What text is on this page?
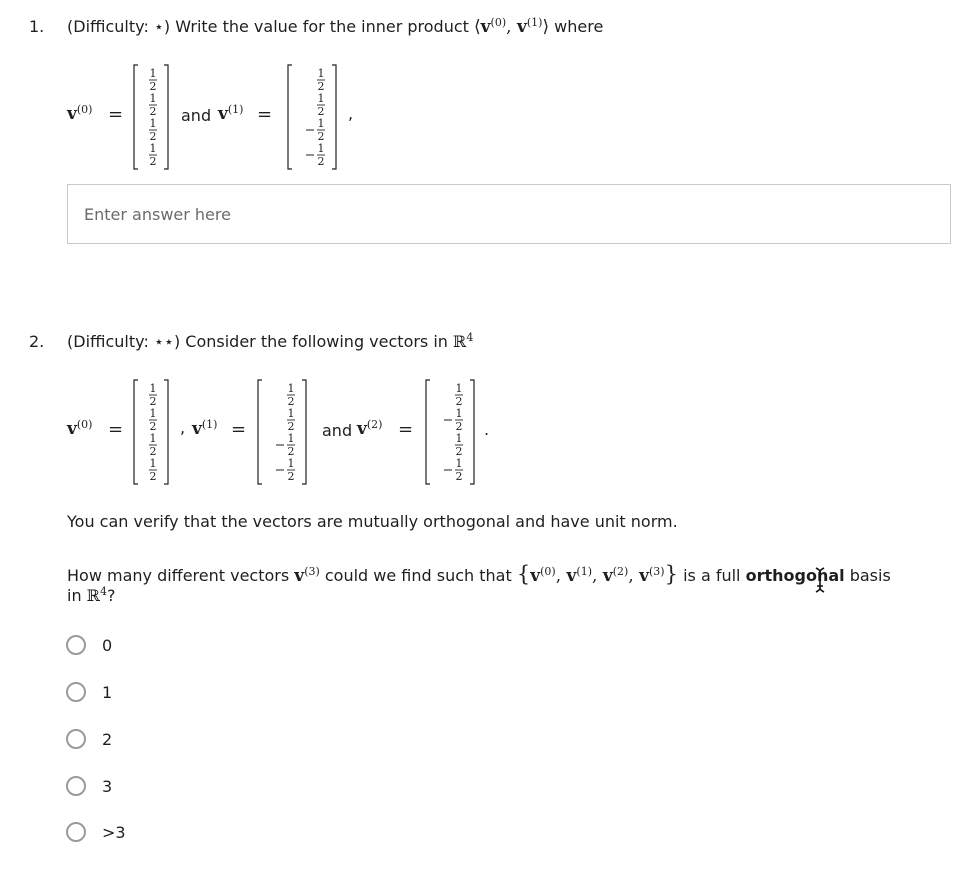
1. (Difficulty: ⋆) Write the value for the inner product $⟨v^{(0)}$, $v^{(1)}⟩$ where
$v^{(0)}$ =
1
2
1
2
1
2
1
2
and $v^{(1)}$ =
1
2
1
2
1
2
1
2
,
Enter answer here
2. (Difficulty: ⋆⋆) Consider the following vectors in ℝ$^4$
$v^{(0)}$ =
1
2
1
2
1
2
1
2
, $v^{(1)}$ =
1
2
1
2
1
2
1
2
and $v^{(2)}$ =
1
2
1
2
1
2
1
2
.
You can verify that the vectors are mutually orthogonal and have unit norm.
How many different vectors $v^{(3)}$ could we find such that {$v^{(0)}$, $v^{(1)}$, $v^{(2)}$, $v^{(3)}$} is a full orthogonal basis
in ℝ$^4$?
0
1
2
3
>3
